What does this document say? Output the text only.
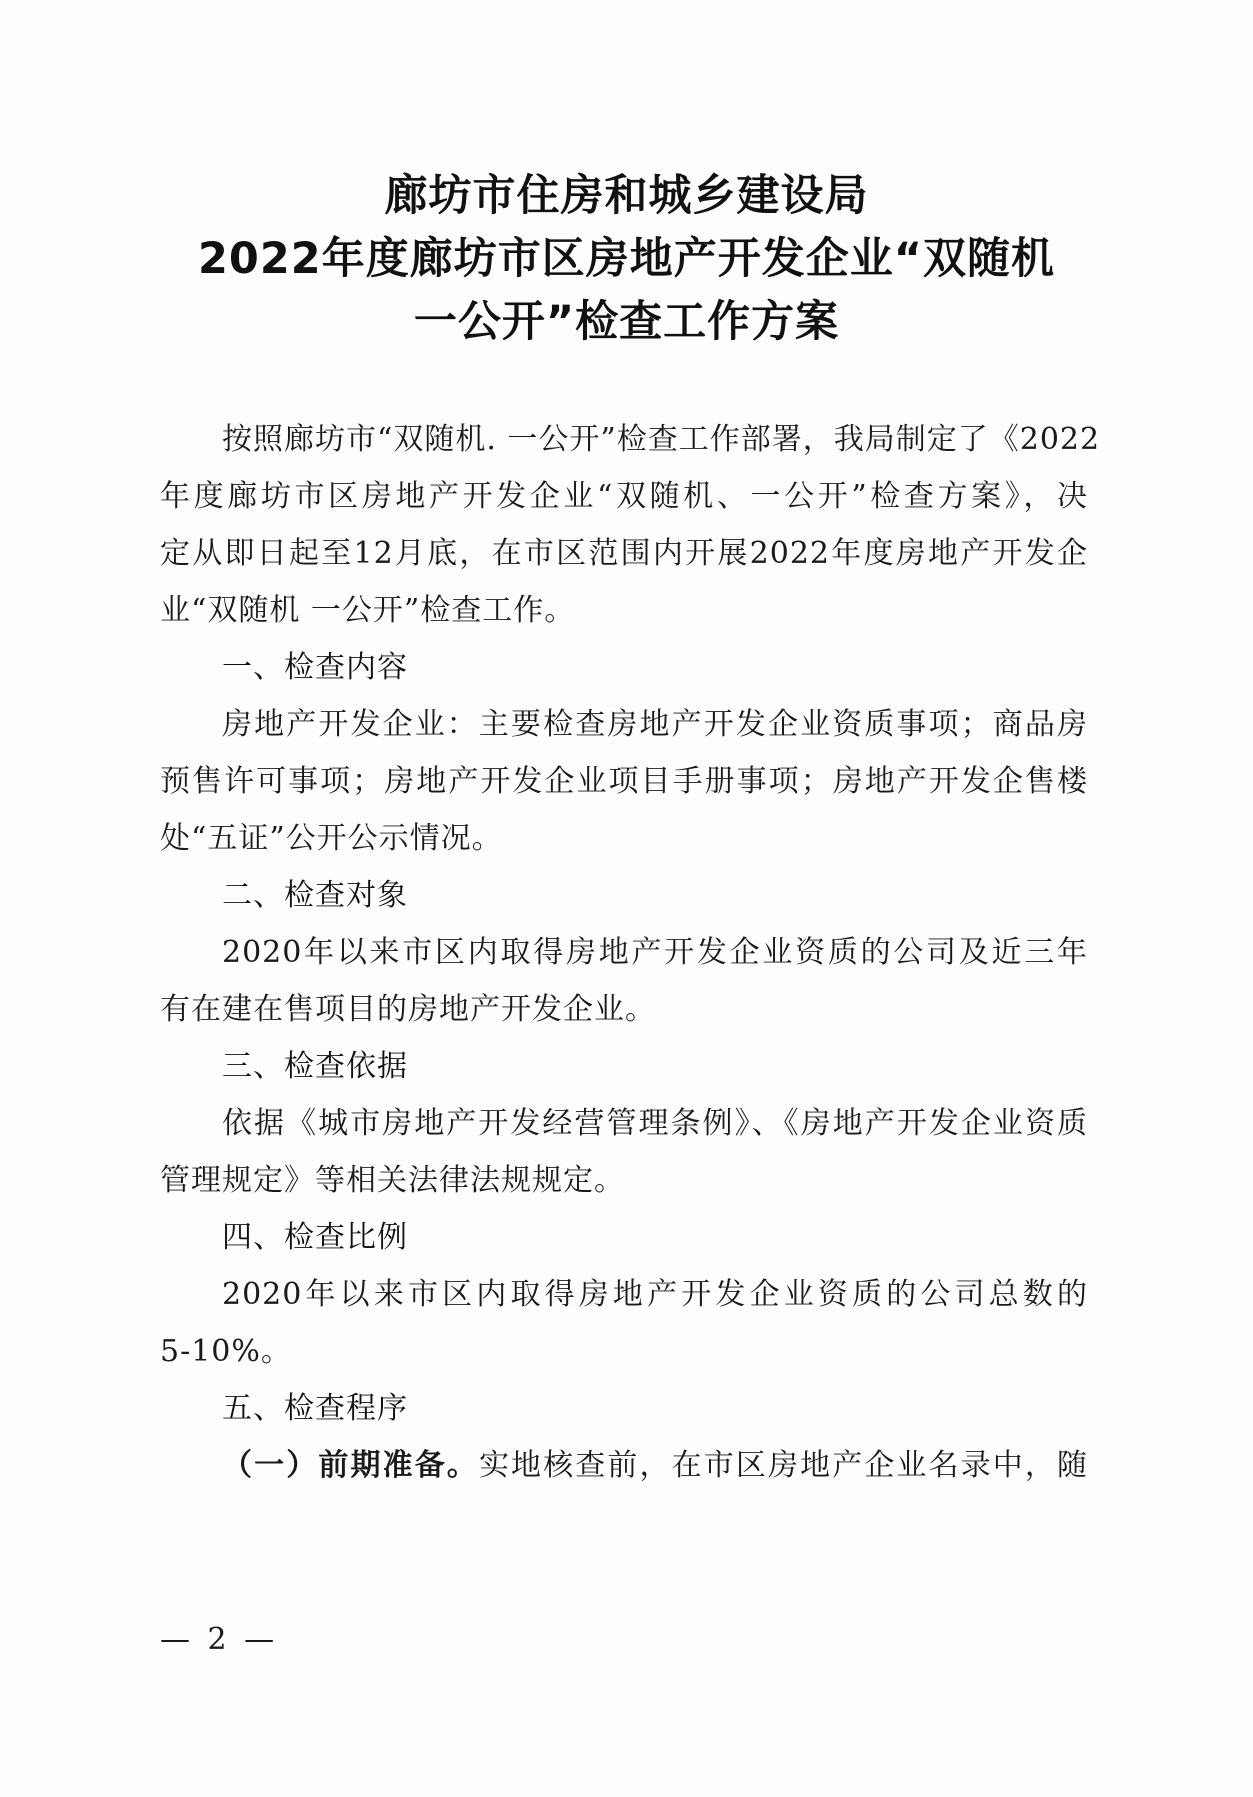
廊坊市住房和城乡建设局
2022年度廊坊市区房地产开发企业“双随机
一公开”检查工作方案
按照廊坊市“双随机. 一公开”检查工作部署，我局制定了《2022
年度廊坊市区房地产开发企业“双随机、一公开”检查方案》，决
定从即日起至12月底，在市区范围内开展2022年度房地产开发企
业“双随机 一公开”检查工作。
一、检查内容
房地产开发企业：主要检查房地产开发企业资质事项；商品房
预售许可事项；房地产开发企业项目手册事项；房地产开发企售楼
处“五证”公开公示情况。
二、检查对象
2020年以来市区内取得房地产开发企业资质的公司及近三年
有在建在售项目的房地产开发企业。
三、检查依据
依据《城市房地产开发经营管理条例》、《房地产开发企业资质
管理规定》等相关法律法规规定。
四、检查比例
2020年以来市区内取得房地产开发企业资质的公司总数的
5-10%。
五、检查程序
（一）前期准备。实地核查前，在市区房地产企业名录中，随
— 2 —
